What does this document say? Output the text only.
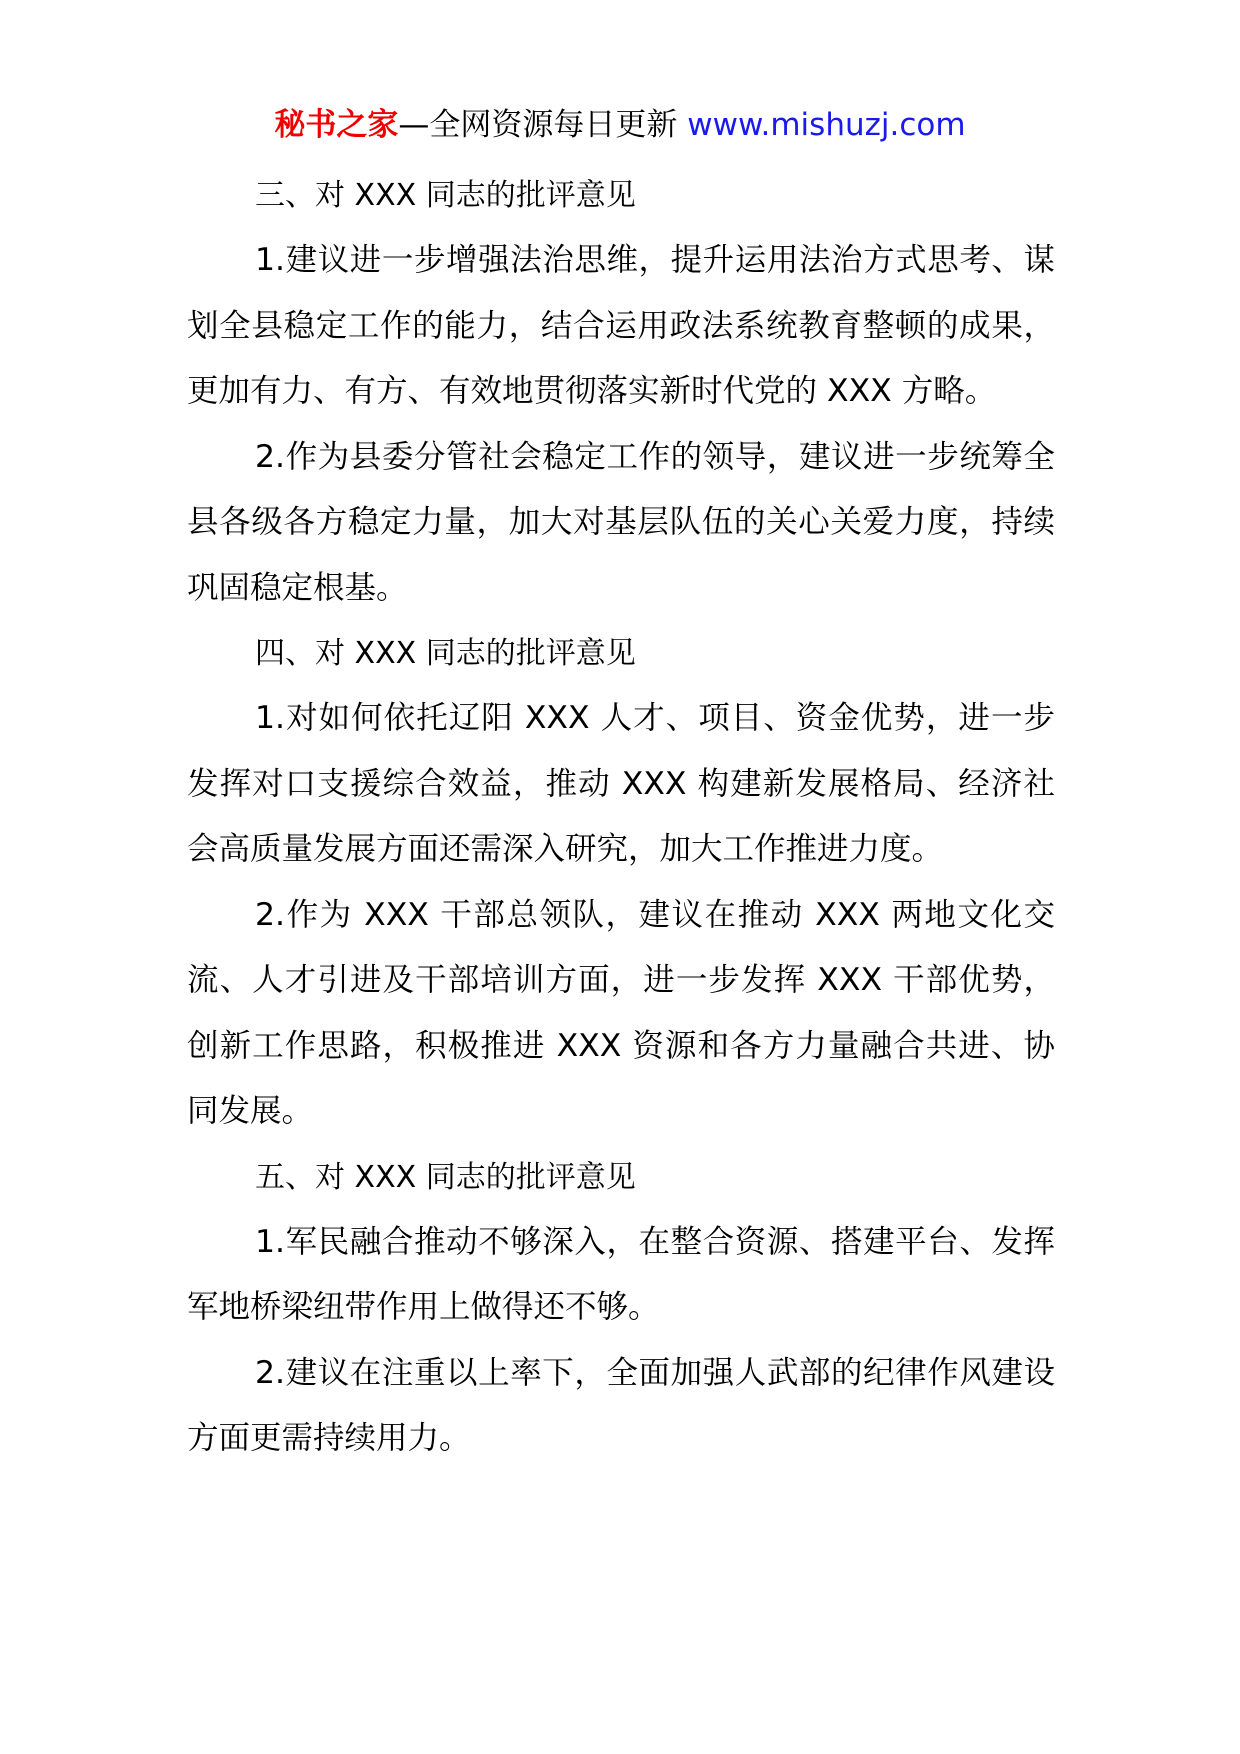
秘书之家—全网资源每日更新 www.mishuzj.com

三、对 XXX 同志的批评意见

1.建议进一步增强法治思维，提升运用法治方式思考、谋划全县稳定工作的能力，结合运用政法系统教育整顿的成果，更加有力、有方、有效地贯彻落实新时代党的 XXX 方略。

2.作为县委分管社会稳定工作的领导，建议进一步统筹全县各级各方稳定力量，加大对基层队伍的关心关爱力度，持续巩固稳定根基。

四、对 XXX 同志的批评意见

1.对如何依托辽阳 XXX 人才、项目、资金优势，进一步发挥对口支援综合效益，推动 XXX 构建新发展格局、经济社会高质量发展方面还需深入研究，加大工作推进力度。

2.作为 XXX 干部总领队，建议在推动 XXX 两地文化交流、人才引进及干部培训方面，进一步发挥 XXX 干部优势，创新工作思路，积极推进 XXX 资源和各方力量融合共进、协同发展。

五、对 XXX 同志的批评意见

1.军民融合推动不够深入，在整合资源、搭建平台、发挥军地桥梁纽带作用上做得还不够。

2.建议在注重以上率下，全面加强人武部的纪律作风建设方面更需持续用力。
